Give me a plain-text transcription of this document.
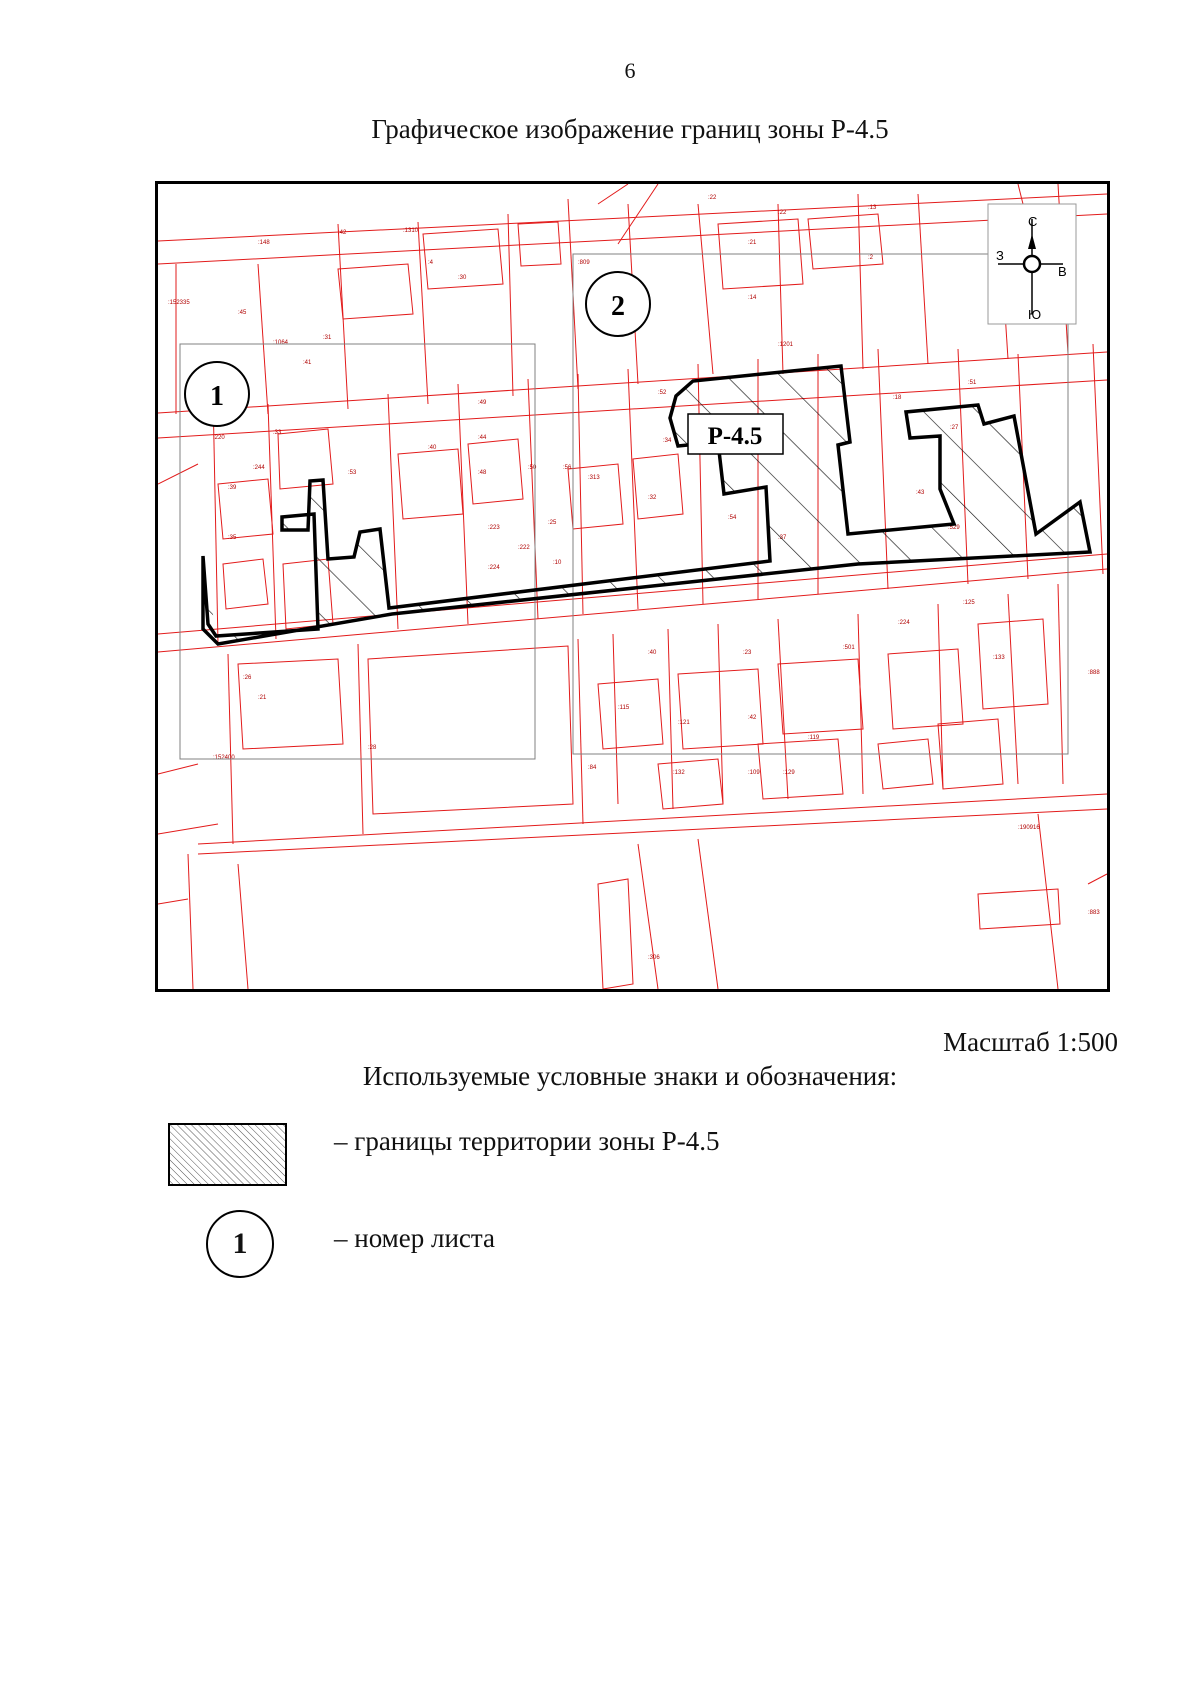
6
Графическое изображение границ зоны Р-4.5
:148
:42	:1310
:4
:30
:152335
:45
:1064
:31
:41
:22
:22
:21
:13
:2
:14
:1201
:809
:52
:51
:18
:49
:40
:33
:44
:53
:56
:48
:50
:313
:220
:244
:39
:35
:25
:32
:34
:54
:43
:223
:222
:224
:10
:125
:224
:133
:40	:23
:501
:121
:42
:119
:109	:129
:132
:84
:115
:26
:21
:152400
:28
:190916
:888
:883
:306
Р-4.5
1
2
С
Ю
З
В
Масштаб 1:500
Используемые условные знаки и обозначения:
– границы территории зоны Р-4.5
1	– номер листа
